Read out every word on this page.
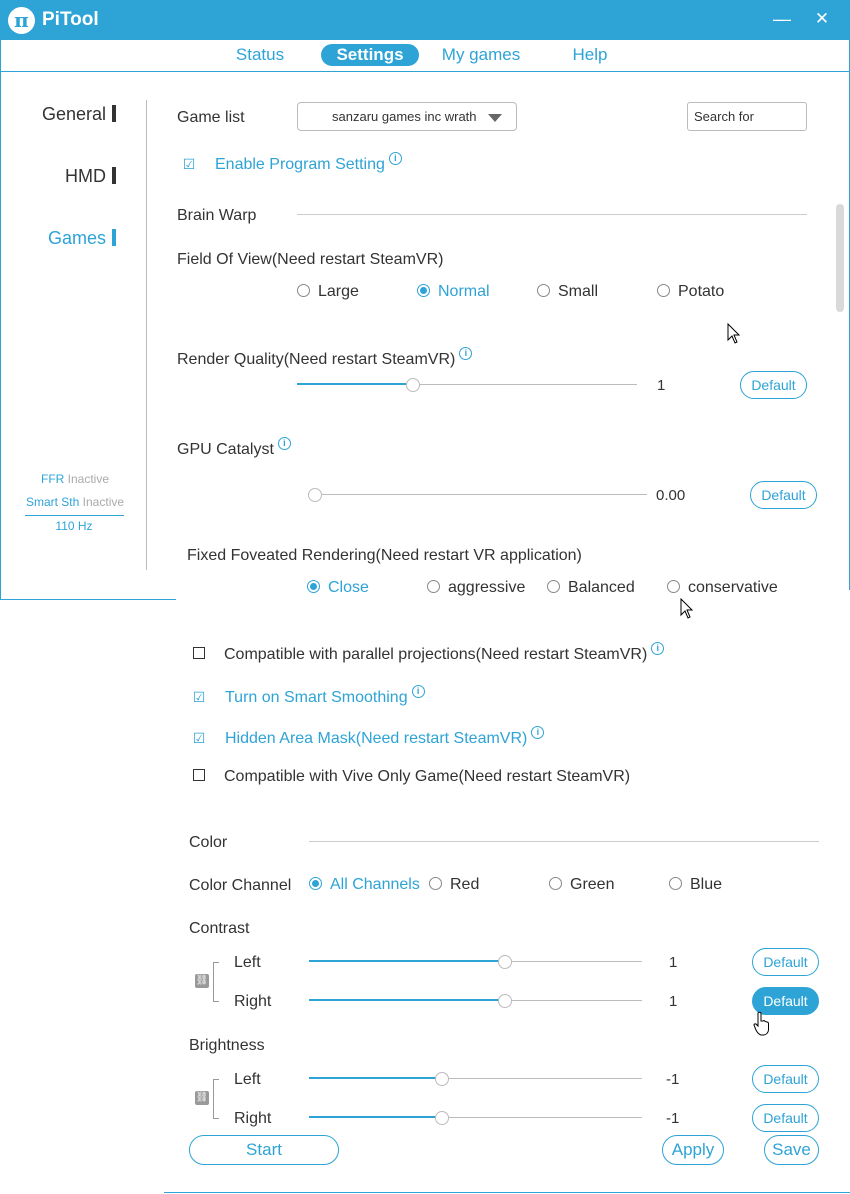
π PiTool	— ✕
Status	Settings	My games	Help
General
HMD
Games
FFR Inactive
Smart Sth Inactive
110 Hz
Game list	sanzaru games inc wrath	Search for
☑ Enable Program Setting i
Brain Warp
Field Of View(Need restart SteamVR)
Large	Normal	Small	Potato
Render Quality(Need restart SteamVR) i
1	Default
GPU Catalyst i
0.00	Default
Fixed Foveated Rendering(Need restart VR application)
Close	aggressive	Balanced	conservative
Compatible with parallel projections(Need restart SteamVR) i
☑ Turn on Smart Smoothing i
☑ Hidden Area Mask(Need restart SteamVR) i
Compatible with Vive Only Game(Need restart SteamVR)
Color
Color Channel	All Channels	Red	Green	Blue
Contrast
⛓
Left	1	Default
Right	1	Default
Brightness
⛓
Left	-1	Default
Right	-1	Default
Start	Apply	Save
